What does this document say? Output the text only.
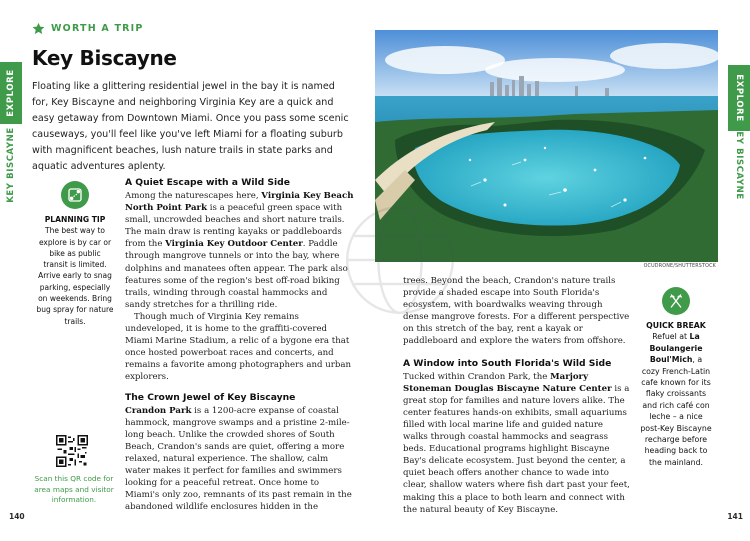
EXPLORE
KEY BISCAYNE
EXPLORE
KEY BISCAYNE
140	141
WORTH A TRIP
Key Biscayne

Floating like a glittering residential jewel in the bay it is named for, Key Biscayne and neighboring Virginia Key are a quick and easy getaway from Downtown Miami. Once you pass some scenic causeways, you'll feel like you've left Miami for a floating suburb with magnificent beaches, lush nature trails in state parks and aquatic adventures aplenty.

PLANNING TIP
The best way to explore is by car or bike as public transit is limited. Arrive early to snag parking, especially on weekends. Bring bug spray for nature trails.
Scan this QR code for area maps and visitor information.
A Quiet Escape with a Wild Side

Among the naturescapes here, Virginia Key Beach North Point Park is a peaceful green space with small, uncrowded beaches and short nature trails. The main draw is renting kayaks or paddleboards from the Virginia Key Outdoor Center. Paddle through mangrove tunnels or into the bay, where dolphins and manatees often appear. The park also features some of the region's best off-road biking trails, winding through coastal hammocks and sandy stretches for a thrilling ride.

Though much of Virginia Key remains undeveloped, it is home to the graffiti-covered Miami Marine Stadium, a relic of a bygone era that once hosted powerboat races and concerts, and remains a favorite among photographers and urban explorers.

The Crown Jewel of Key Biscayne

Crandon Park is a 1200-acre expanse of coastal hammock, mangrove swamps and a pristine 2-mile-long beach. Unlike the crowded shores of South Beach, Crandon's sands are quiet, offering a more relaxed, natural experience. The shallow, calm water makes it perfect for families and swimmers looking for a peaceful retreat. Once home to Miami's only zoo, remnants of its past remain in the abandoned wildlife enclosures hidden in the

OCUDRONE/SHUTTERSTOCK

trees. Beyond the beach, Crandon's nature trails provide a shaded escape into South Florida's ecosystem, with boardwalks weaving through dense mangrove forests. For a different perspective on this stretch of the bay, rent a kayak or paddleboard and explore the waters from offshore.

A Window into South Florida's Wild Side

Tucked within Crandon Park, the Marjory Stoneman Douglas Biscayne Nature Center is a great stop for families and nature lovers alike. The center features hands-on exhibits, small aquariums filled with local marine life and guided nature walks through coastal hammocks and seagrass beds. Educational programs highlight Biscayne Bay's delicate ecosystem. Just beyond the center, a quiet beach offers another chance to wade into clear, shallow waters where fish dart past your feet, making this a place to both learn and connect with the natural beauty of Key Biscayne.

QUICK BREAK
Refuel at La Boulangerie Boul'Mich, a cozy French-Latin cafe known for its flaky croissants and rich café con leche – a nice post-Key Biscayne recharge before heading back to the mainland.
